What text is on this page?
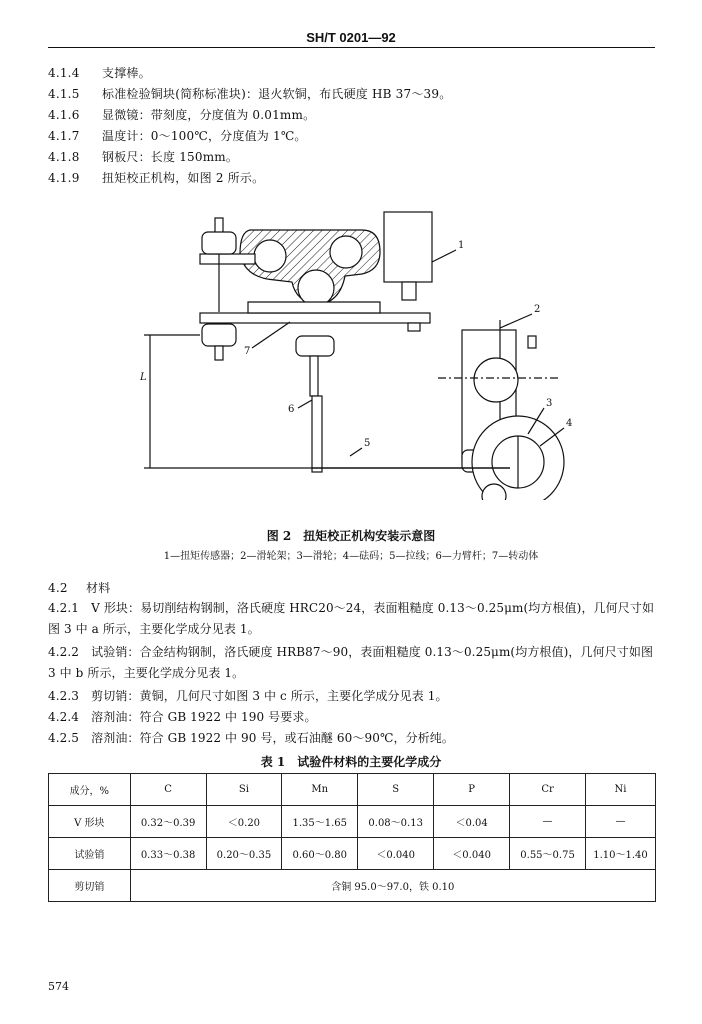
SH/T 0201—92
4.1.4 支撑棒。
4.1.5 标准检验铜块(简称标准块)：退火软铜，布氏硬度 HB 37～39。
4.1.6 显微镜：带刻度，分度值为 0.01mm。
4.1.7 温度计：0～100℃，分度值为 1℃。
4.1.8 钢板尺：长度 150mm。
4.1.9 扭矩校正机构，如图 2 所示。
1
2
3
4
5
6
7
L
图 2　扭矩校正机构安装示意图
1—扭矩传感器；2—滑轮架；3—滑轮；4—砝码；5—拉线；6—力臂杆；7—转动体
4.2 材料
4.2.1　V 形块：易切削结构钢制，洛氏硬度 HRC20～24，表面粗糙度 0.13～0.25μm(均方根值)，几何尺寸如图 3 中 a 所示，主要化学成分见表 1。
4.2.2　试验销：合金结构钢制，洛氏硬度 HRB87～90，表面粗糙度 0.13～0.25μm(均方根值)，几何尺寸如图 3 中 b 所示，主要化学成分见表 1。
4.2.3　剪切销：黄铜，几何尺寸如图 3 中 c 所示，主要化学成分见表 1。
4.2.4　溶剂油：符合 GB 1922 中 190 号要求。
4.2.5　溶剂油：符合 GB 1922 中 90 号，或石油醚 60～90℃，分析纯。
表 1　试验件材料的主要化学成分
成分，%	C	Si	Mn	S	P	Cr	Ni
V 形块	0.32～0.39	＜0.20	1.35～1.65	0.08～0.13	＜0.04	—	—
试验销	0.33～0.38	0.20～0.35	0.60～0.80	＜0.040	＜0.040	0.55～0.75	1.10～1.40
剪切销	含铜 95.0～97.0，铁 0.10						
574
